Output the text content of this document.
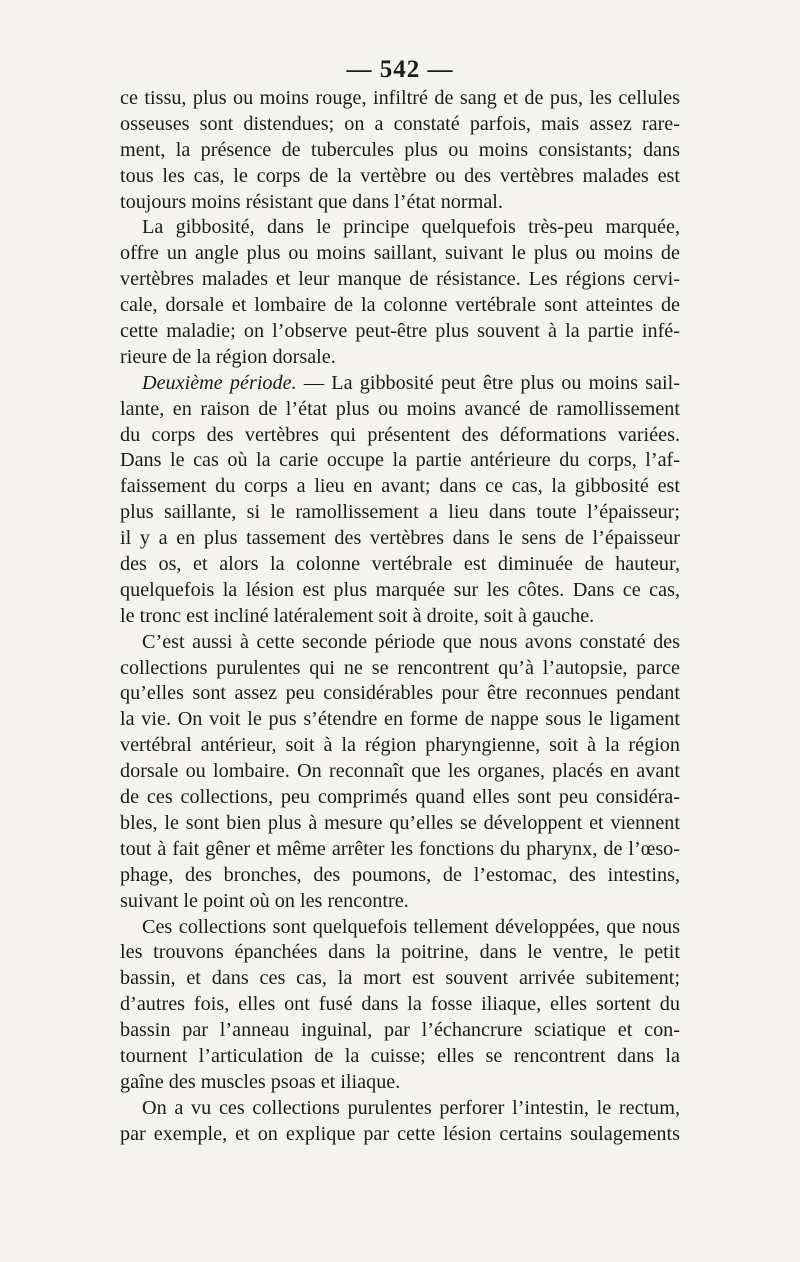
— 542 —
ce tissu, plus ou moins rouge, infiltré de sang et de pus, les cellules
osseuses sont distendues; on a constaté parfois, mais assez rare-
ment, la présence de tubercules plus ou moins consistants; dans
tous les cas, le corps de la vertèbre ou des vertèbres malades est
toujours moins résistant que dans l’état normal.
La gibbosité, dans le principe quelquefois très-peu marquée,
offre un angle plus ou moins saillant, suivant le plus ou moins de
vertèbres malades et leur manque de résistance. Les régions cervi-
cale, dorsale et lombaire de la colonne vertébrale sont atteintes de
cette maladie; on l’observe peut-être plus souvent à la partie infé-
rieure de la région dorsale.
Deuxième période. — La gibbosité peut être plus ou moins sail-
lante, en raison de l’état plus ou moins avancé de ramollissement
du corps des vertèbres qui présentent des déformations variées.
Dans le cas où la carie occupe la partie antérieure du corps, l’af-
faissement du corps a lieu en avant; dans ce cas, la gibbosité est
plus saillante, si le ramollissement a lieu dans toute l’épaisseur;
il y a en plus tassement des vertèbres dans le sens de l’épaisseur
des os, et alors la colonne vertébrale est diminuée de hauteur,
quelquefois la lésion est plus marquée sur les côtes. Dans ce cas,
le tronc est incliné latéralement soit à droite, soit à gauche.
C’est aussi à cette seconde période que nous avons constaté des
collections purulentes qui ne se rencontrent qu’à l’autopsie, parce
qu’elles sont assez peu considérables pour être reconnues pendant
la vie. On voit le pus s’étendre en forme de nappe sous le ligament
vertébral antérieur, soit à la région pharyngienne, soit à la région
dorsale ou lombaire. On reconnaît que les organes, placés en avant
de ces collections, peu comprimés quand elles sont peu considéra-
bles, le sont bien plus à mesure qu’elles se développent et viennent
tout à fait gêner et même arrêter les fonctions du pharynx, de l’œso-
phage, des bronches, des poumons, de l’estomac, des intestins,
suivant le point où on les rencontre.
Ces collections sont quelquefois tellement développées, que nous
les trouvons épanchées dans la poitrine, dans le ventre, le petit
bassin, et dans ces cas, la mort est souvent arrivée subitement;
d’autres fois, elles ont fusé dans la fosse iliaque, elles sortent du
bassin par l’anneau inguinal, par l’échancrure sciatique et con-
tournent l’articulation de la cuisse; elles se rencontrent dans la
gaîne des muscles psoas et iliaque.
On a vu ces collections purulentes perforer l’intestin, le rectum,
par exemple, et on explique par cette lésion certains soulagements
